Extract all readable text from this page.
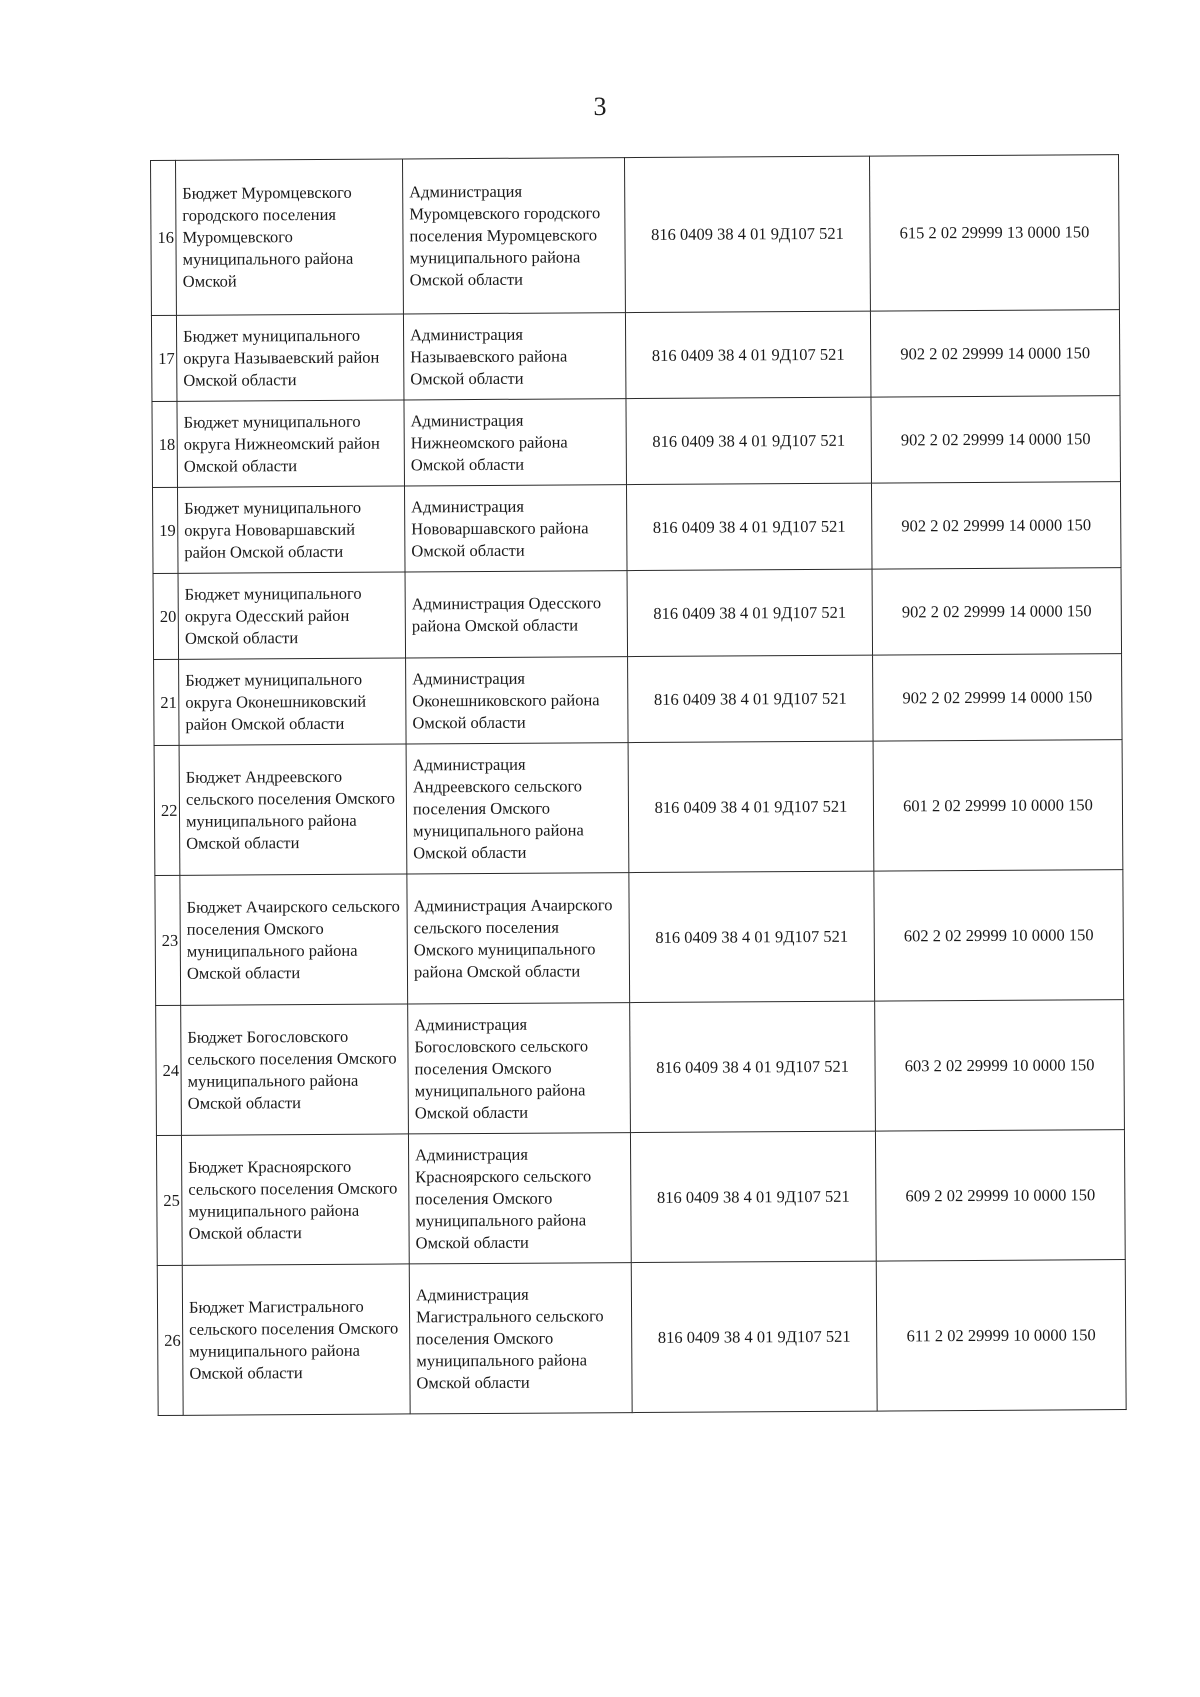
3
16	Бюджет Муромцевского городского поселения Муромцевского муниципального района Омской	Администрация Муромцевского городского поселения Муромцевского муниципального района Омской области	816 0409 38 4 01 9Д107 521	615 2 02 29999 13 0000 150
17	Бюджет муниципального округа Называевский район Омской области	Администрация Называевского района Омской области	816 0409 38 4 01 9Д107 521	902 2 02 29999 14 0000 150
18	Бюджет муниципального округа Нижнеомский район Омской области	Администрация Нижнеомского района Омской области	816 0409 38 4 01 9Д107 521	902 2 02 29999 14 0000 150
19	Бюджет муниципального округа Нововаршавский район Омской области	Администрация Нововаршавского района Омской области	816 0409 38 4 01 9Д107 521	902 2 02 29999 14 0000 150
20	Бюджет муниципального округа Одесский район Омской области	Администрация Одесского района Омской области	816 0409 38 4 01 9Д107 521	902 2 02 29999 14 0000 150
21	Бюджет муниципального округа Оконешниковский район Омской области	Администрация Оконешниковского района Омской области	816 0409 38 4 01 9Д107 521	902 2 02 29999 14 0000 150
22	Бюджет Андреевского сельского поселения Омского муниципального района Омской области	Администрация Андреевского сельского поселения Омского муниципального района Омской области	816 0409 38 4 01 9Д107 521	601 2 02 29999 10 0000 150
23	Бюджет Ачаирского сельского поселения Омского муниципального района Омской области	Администрация Ачаирского сельского поселения Омского муниципального района Омской области	816 0409 38 4 01 9Д107 521	602 2 02 29999 10 0000 150
24	Бюджет Богословского сельского поселения Омского муниципального района Омской области	Администрация Богословского сельского поселения Омского муниципального района Омской области	816 0409 38 4 01 9Д107 521	603 2 02 29999 10 0000 150
25	Бюджет Красноярского сельского поселения Омского муниципального района Омской области	Администрация Красноярского сельского поселения Омского муниципального района Омской области	816 0409 38 4 01 9Д107 521	609 2 02 29999 10 0000 150
26	Бюджет Магистрального сельского поселения Омского муниципального района Омской области	Администрация Магистрального сельского поселения Омского муниципального района Омской области	816 0409 38 4 01 9Д107 521	611 2 02 29999 10 0000 150
